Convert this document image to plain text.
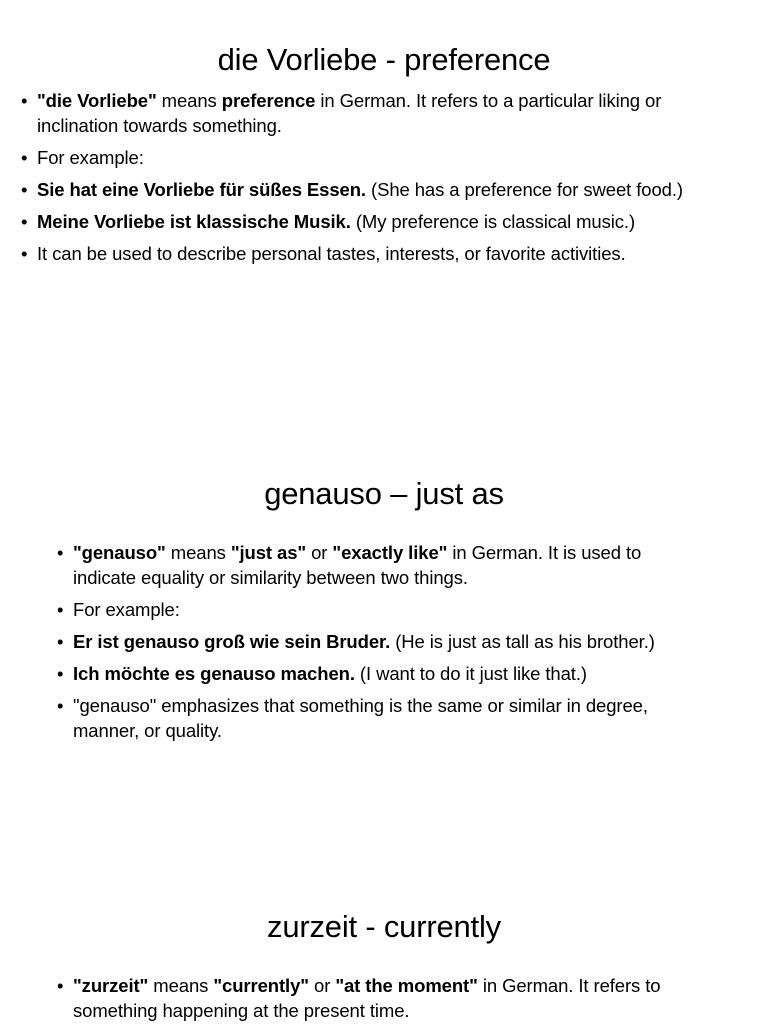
die Vorliebe - preference
• "die Vorliebe" means preference in German. It refers to a particular liking or inclination towards something.
• For example:
• Sie hat eine Vorliebe für süßes Essen. (She has a preference for sweet food.)
• Meine Vorliebe ist klassische Musik. (My preference is classical music.)
• It can be used to describe personal tastes, interests, or favorite activities.
genauso – just as
• "genauso" means "just as" or "exactly like" in German. It is used to indicate equality or similarity between two things.
• For example:
• Er ist genauso groß wie sein Bruder. (He is just as tall as his brother.)
• Ich möchte es genauso machen. (I want to do it just like that.)
• "genauso" emphasizes that something is the same or similar in degree, manner, or quality.
zurzeit - currently
• "zurzeit" means "currently" or "at the moment" in German. It refers to something happening at the present time.
